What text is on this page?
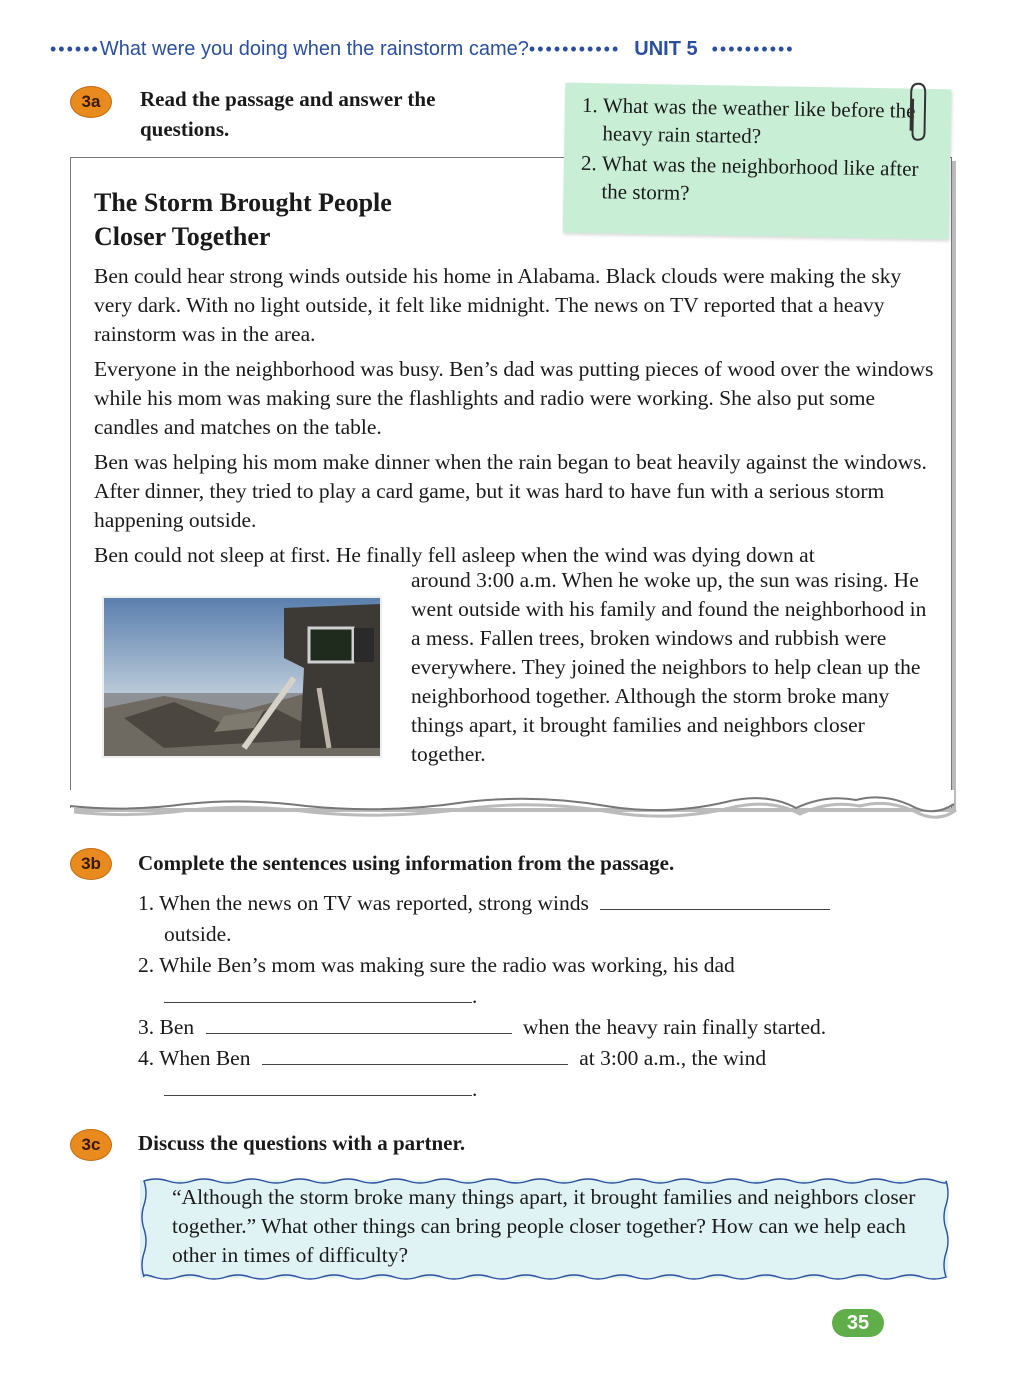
•••••• What were you doing when the rainstorm came? ••••••••••• UNIT 5 ••••••••••
3a	Read the passage and answer the
questions.
1. What was the weather like before the heavy rain started?
2. What was the neighborhood like after the storm?
The Storm Brought People
Closer Together

Ben could hear strong winds outside his home in Alabama. Black clouds were making the sky very dark. With no light outside, it felt like midnight. The news on TV reported that a heavy rainstorm was in the area.

Everyone in the neighborhood was busy. Ben’s dad was putting pieces of wood over the windows while his mom was making sure the flashlights and radio were working. She also put some candles and matches on the table.

Ben was helping his mom make dinner when the rain began to beat heavily against the windows. After dinner, they tried to play a card game, but it was hard to have fun with a serious storm happening outside.

Ben could not sleep at first. He finally fell asleep when the wind was dying down at

around 3:00 a.m. When he woke up, the sun was rising. He went outside with his family and found the neighborhood in a mess. Fallen trees, broken windows and rubbish were everywhere. They joined the neighbors to help clean up the neighborhood together. Although the storm broke many things apart, it brought families and neighbors closer together.
3b	Complete the sentences using information from the passage.
1. When the news on TV was reported, strong winds
outside.
2. While Ben’s mom was making sure the radio was working, his dad
.
3. Ben	when the heavy rain finally started.
4. When Ben	at 3:00 a.m., the wind
.
3c	Discuss the questions with a partner.
“Although the storm broke many things apart, it brought families and neighbors closer together.” What other things can bring people closer together? How can we help each other in times of difficulty?
35
